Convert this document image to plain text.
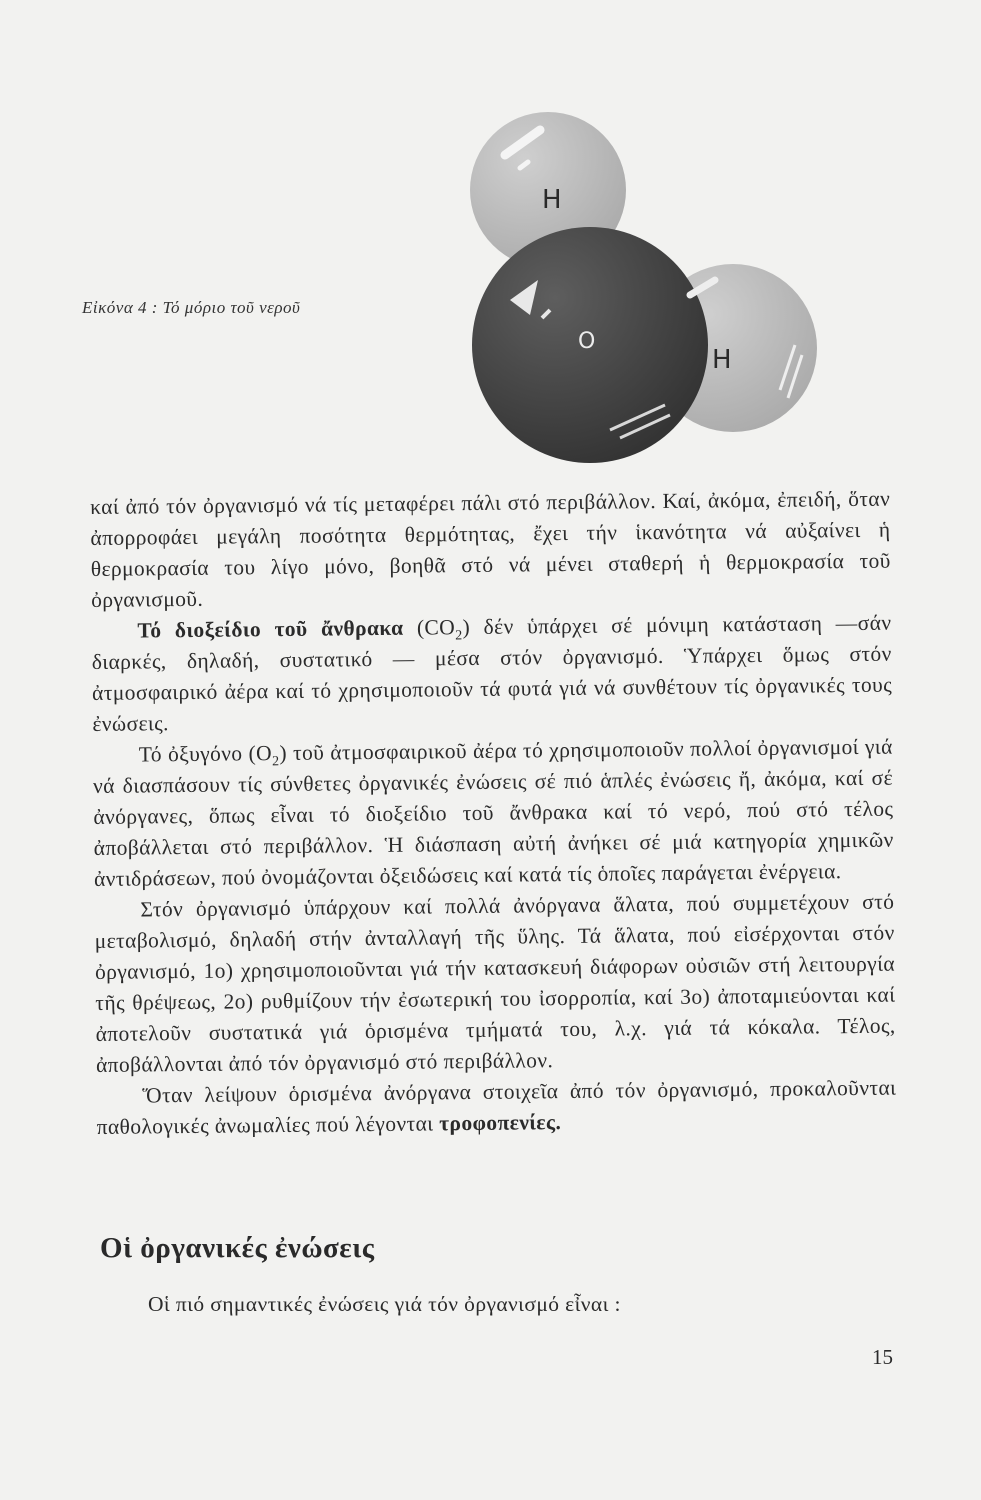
Εἰκόνα 4 : Τό μόριο τοῦ νεροῦ
H
O
H

καί ἀπό τόν ὀργανισμό νά τίς μεταφέρει πάλι στό περιβάλλον. Καί, ἀκόμα, ἐπειδή, ὅταν ἀπορροφάει μεγάλη ποσότητα θερμότητας, ἔχει τήν ἱκανότητα νά αὐξαίνει ἡ θερμοκρασία του λίγο μόνο, βοηθᾶ στό νά μένει σταθερή ἡ θερμοκρασία τοῦ ὀργανισμοῦ.

Τό διοξείδιο τοῦ ἄνθρακα $(CO_2)$ δέν ὑπάρχει σέ μόνιμη κατάσταση —σάν διαρκές, δηλαδή, συστατικό — μέσα στόν ὀργανισμό. Ὑπάρχει ὅμως στόν ἀτμοσφαιρικό ἀέρα καί τό χρησιμοποιοῦν τά φυτά γιά νά συνθέτουν τίς ὀργανικές τους ἐνώσεις.

Τό ὀξυγόνο $(O_2)$ τοῦ ἀτμοσφαιρικοῦ ἀέρα τό χρησιμοποιοῦν πολλοί ὀργανισμοί γιά νά διασπάσουν τίς σύνθετες ὀργανικές ἐνώσεις σέ πιό ἁπλές ἐνώσεις ἤ, ἀκόμα, καί σέ ἀνόργανες, ὅπως εἶναι τό διοξείδιο τοῦ ἄνθρακα καί τό νερό, πού στό τέλος ἀποβάλλεται στό περιβάλλον. Ἡ διάσπαση αὐτή ἀνήκει σέ μιά κατηγορία χημικῶν ἀντιδράσεων, πού ὀνομάζονται ὀξειδώσεις καί κατά τίς ὁποῖες παράγεται ἐνέργεια.

Στόν ὀργανισμό ὑπάρχουν καί πολλά ἀνόργανα ἅλατα, πού συμμετέχουν στό μεταβολισμό, δηλαδή στήν ἀνταλλαγή τῆς ὕλης. Τά ἅλατα, πού εἰσέρχονται στόν ὀργανισμό, 1ο) χρησιμοποιοῦνται γιά τήν κατασκευή διάφορων οὐσιῶν στή λειτουργία τῆς θρέψεως, 2ο) ρυθμίζουν τήν ἐσωτερική του ἰσορροπία, καί 3ο) ἀποταμιεύονται καί ἀποτελοῦν συστατικά γιά ὁρισμένα τμήματά του, λ.χ. γιά τά κόκαλα. Τέλος, ἀποβάλλονται ἀπό τόν ὀργανισμό στό περιβάλλον.

Ὅταν λείψουν ὁρισμένα ἀνόργανα στοιχεῖα ἀπό τόν ὀργανισμό, προκαλοῦνται παθολογικές ἀνωμαλίες πού λέγονται τροφοπενίες.

Οἱ ὀργανικές ἐνώσεις
Οἱ πιό σημαντικές ἐνώσεις γιά τόν ὀργανισμό εἶναι :
15
